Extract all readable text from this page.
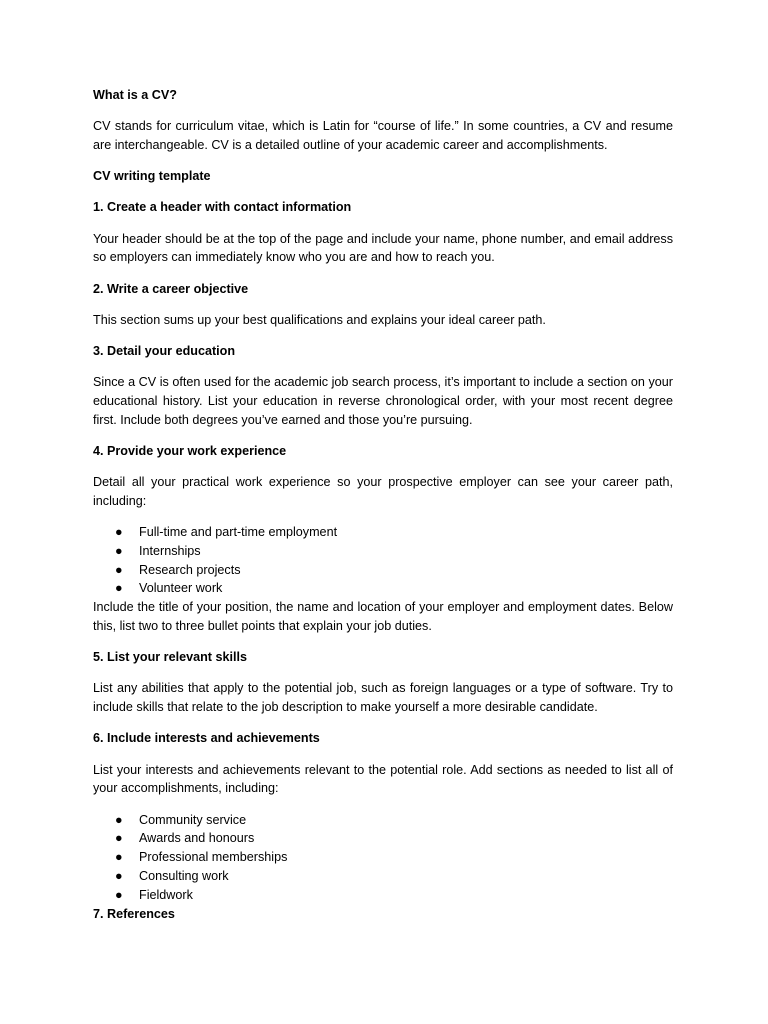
What is a CV?
CV stands for curriculum vitae, which is Latin for “course of life.” In some countries, a CV and resume are interchangeable. CV is a detailed outline of your academic career and accomplishments.
CV writing template
1. Create a header with contact information
Your header should be at the top of the page and include your name, phone number, and email address so employers can immediately know who you are and how to reach you.
2. Write a career objective
This section sums up your best qualifications and explains your ideal career path.
3. Detail your education
Since a CV is often used for the academic job search process, it’s important to include a section on your educational history. List your education in reverse chronological order, with your most recent degree first. Include both degrees you’ve earned and those you’re pursuing.
4. Provide your work experience
Detail all your practical work experience so your prospective employer can see your career path, including:
● Full-time and part-time employment
● Internships
● Research projects
● Volunteer work
Include the title of your position, the name and location of your employer and employment dates. Below this, list two to three bullet points that explain your job duties.
5. List your relevant skills
List any abilities that apply to the potential job, such as foreign languages or a type of software. Try to include skills that relate to the job description to make yourself a more desirable candidate.
6. Include interests and achievements
List your interests and achievements relevant to the potential role. Add sections as needed to list all of your accomplishments, including:
● Community service
● Awards and honours
● Professional memberships
● Consulting work
● Fieldwork
7. References
